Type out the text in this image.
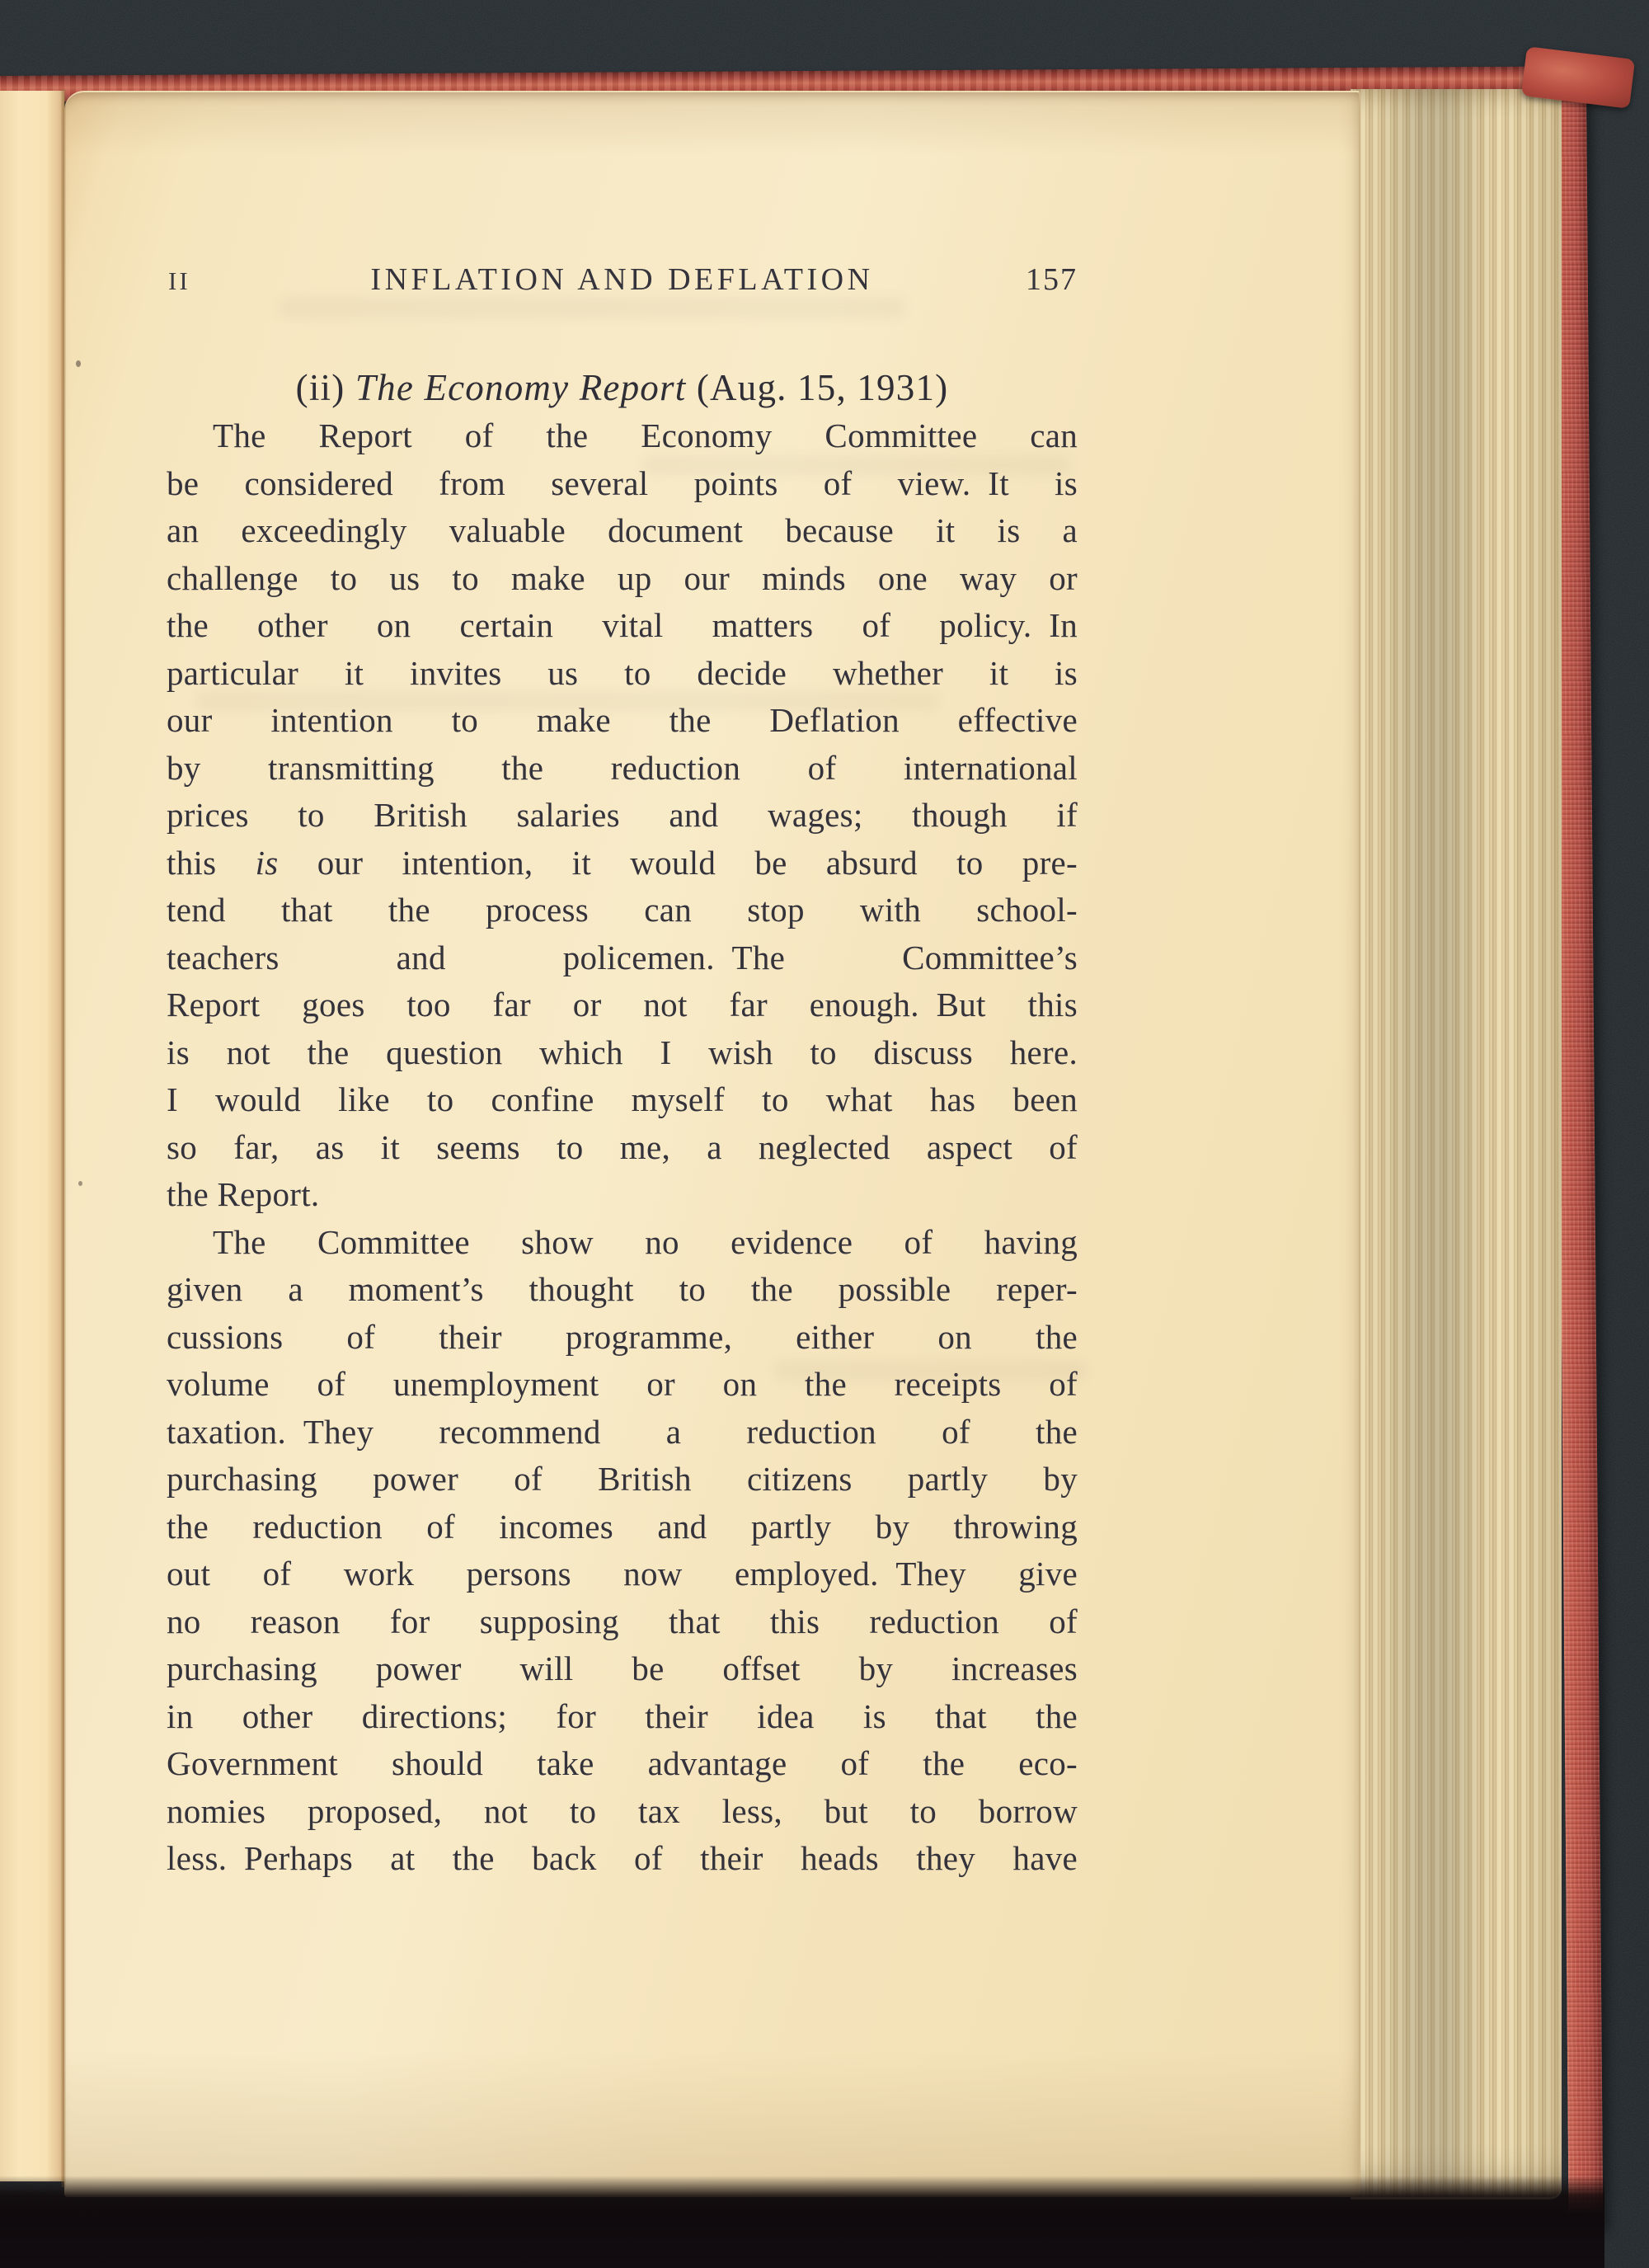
II	INFLATION AND DEFLATION	157
(ii) The Economy Report (Aug. 15, 1931)
The Report of the Economy Committee can
be considered from several points of view. It is
an exceedingly valuable document because it is a
challenge to us to make up our minds one way or
the other on certain vital matters of policy. In
particular it invites us to decide whether it is
our intention to make the Deflation effective
by transmitting the reduction of international
prices to British salaries and wages; though if
this is our intention, it would be absurd to pre-
tend that the process can stop with school-
teachers and policemen. The Committee’s
Report goes too far or not far enough. But this
is not the question which I wish to discuss here.
I would like to confine myself to what has been
so far, as it seems to me, a neglected aspect of
the Report.
The Committee show no evidence of having
given a moment’s thought to the possible reper-
cussions of their programme, either on the
volume of unemployment or on the receipts of
taxation. They recommend a reduction of the
purchasing power of British citizens partly by
the reduction of incomes and partly by throwing
out of work persons now employed. They give
no reason for supposing that this reduction of
purchasing power will be offset by increases
in other directions; for their idea is that the
Government should take advantage of the eco-
nomies proposed, not to tax less, but to borrow
less. Perhaps at the back of their heads they have
